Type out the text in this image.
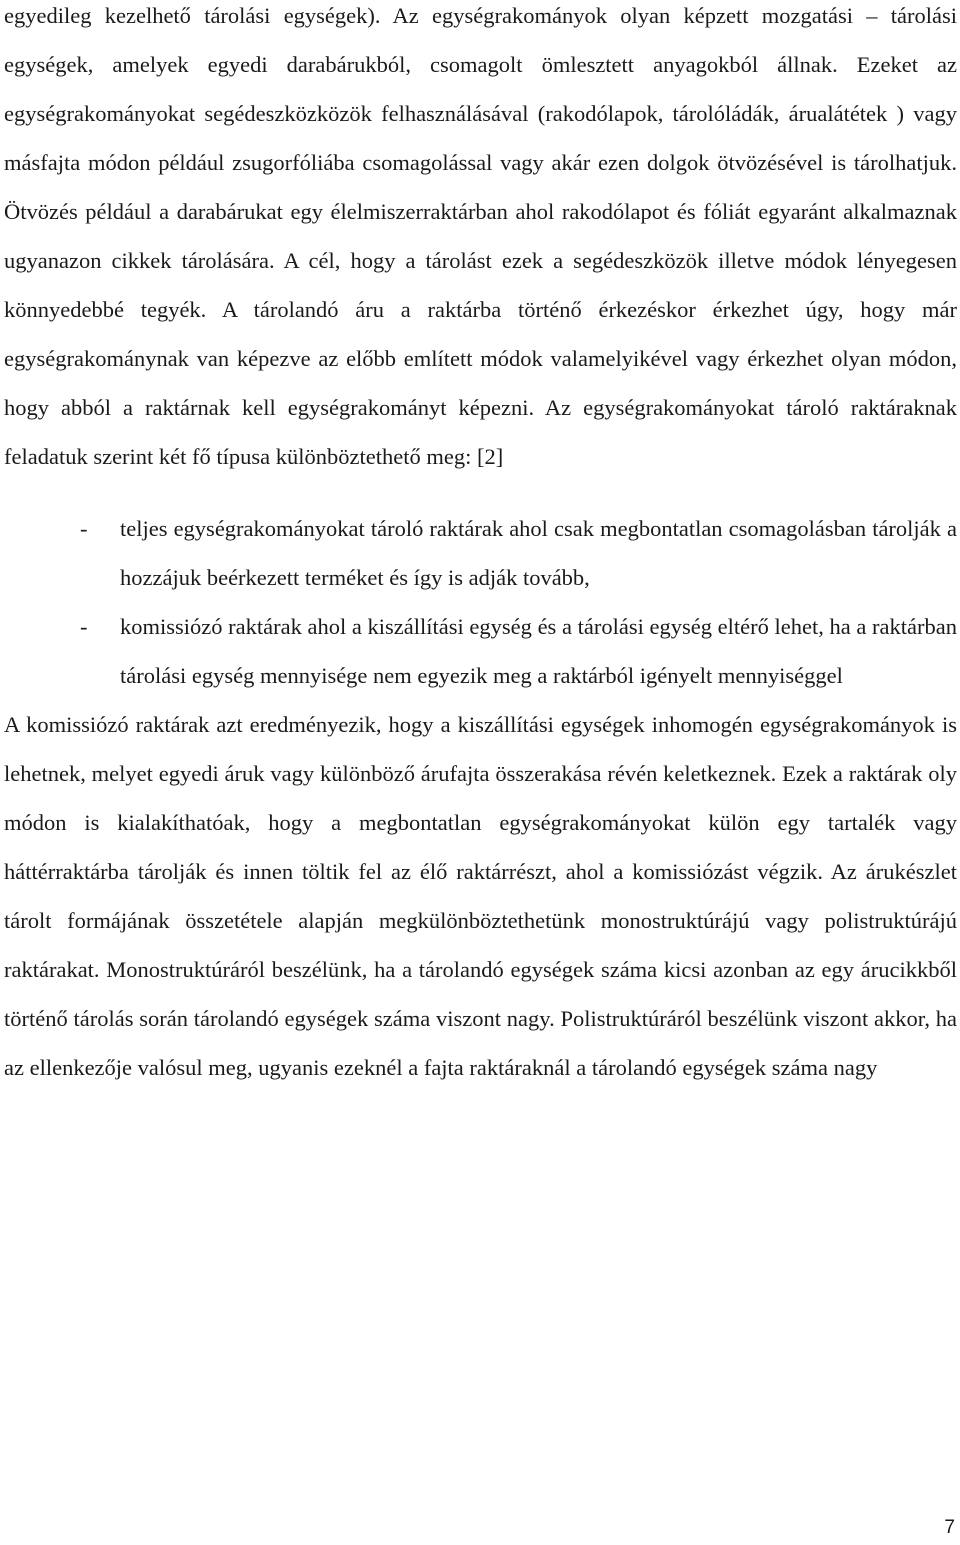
egyedileg kezelhető tárolási egységek). Az egységrakományok olyan képzett mozgatási – tárolási egységek, amelyek egyedi darabárukból, csomagolt ömlesztett anyagokból állnak. Ezeket az egységrakományokat segédeszközközök felhasználásával (rakodólapok, tárolóládák, árualátétek ) vagy másfajta módon például zsugorfóliába csomagolással vagy akár ezen dolgok ötvözésével is tárolhatjuk. Ötvözés például a darabárukat egy élelmiszerraktárban ahol rakodólapot és fóliát egyaránt alkalmaznak ugyanazon cikkek tárolására. A cél, hogy a tárolást ezek a segédeszközök illetve módok lényegesen könnyedebbé tegyék. A tárolandó áru a raktárba történő érkezéskor érkezhet úgy, hogy már egységrakománynak van képezve az előbb említett módok valamelyikével vagy érkezhet olyan módon, hogy abból a raktárnak kell egységrakományt képezni. Az egységrakományokat tároló raktáraknak feladatuk szerint két fő típusa különböztethető meg: [2]

- teljes egységrakományokat tároló raktárak ahol csak megbontatlan csomagolásban tárolják a hozzájuk beérkezett terméket és így is adják tovább,
- komissiózó raktárak ahol a kiszállítási egység és a tárolási egység eltérő lehet, ha a raktárban tárolási egység mennyisége nem egyezik meg a raktárból igényelt mennyiséggel

A komissiózó raktárak azt eredményezik, hogy a kiszállítási egységek inhomogén egységrakományok is lehetnek, melyet egyedi áruk vagy különböző árufajta összerakása révén keletkeznek. Ezek a raktárak oly módon is kialakíthatóak, hogy a megbontatlan egységrakományokat külön egy tartalék vagy háttérraktárba tárolják és innen töltik fel az élő raktárrészt, ahol a komissiózást végzik. Az árukészlet tárolt formájának összetétele alapján megkülönböztethetünk monostruktúrájú vagy polistruktúrájú raktárakat. Monostruktúráról beszélünk, ha a tárolandó egységek száma kicsi azonban az egy árucikkből történő tárolás során tárolandó egységek száma viszont nagy. Polistruktúráról beszélünk viszont akkor, ha az ellenkezője valósul meg, ugyanis ezeknél a fajta raktáraknál a tárolandó egységek száma nagy

7
